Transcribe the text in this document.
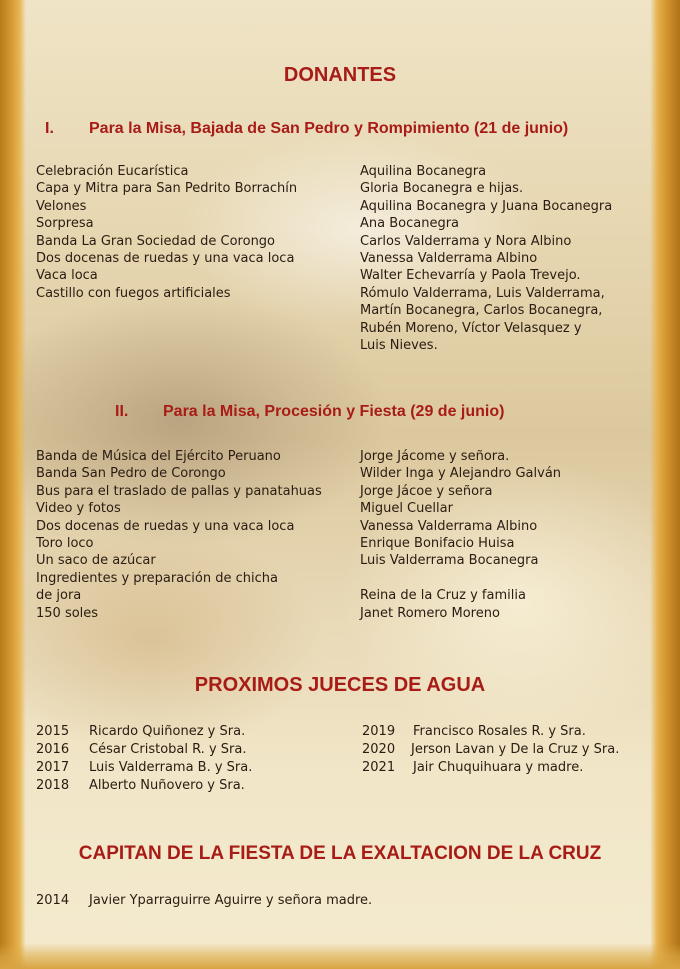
DONANTES
I. Para la Misa, Bajada de San Pedro y Rompimiento (21 de junio)
Celebración Eucarística
Capa y Mitra para San Pedrito Borrachín
Velones
Sorpresa
Banda La Gran Sociedad de Corongo
Dos docenas de ruedas y una vaca loca
Vaca loca
Castillo con fuegos artificiales
Aquilina Bocanegra
Gloria Bocanegra e hijas.
Aquilina Bocanegra y Juana Bocanegra
Ana Bocanegra
Carlos Valderrama y Nora Albino
Vanessa Valderrama Albino
Walter Echevarría y Paola Trevejo.
Rómulo Valderrama, Luis Valderrama,
Martín Bocanegra, Carlos Bocanegra,
Rubén Moreno, Víctor Velasquez y
Luis Nieves.
II. Para la Misa, Procesión y Fiesta (29 de junio)
Banda de Música del Ejército Peruano
Banda San Pedro de Corongo
Bus para el traslado de pallas y panatahuas
Video y fotos
Dos docenas de ruedas y una vaca loca
Toro loco
Un saco de azúcar
Ingredientes y preparación de chicha
de jora
150 soles
Jorge Jácome y señora.
Wilder Inga y Alejandro Galván
Jorge Jácoe y señora
Miguel Cuellar
Vanessa Valderrama Albino
Enrique Bonifacio Huisa
Luis Valderrama Bocanegra
Reina de la Cruz y familia
Janet Romero Moreno
PROXIMOS JUECES DE AGUA
2015 Ricardo Quiñonez y Sra.
2016 César Cristobal R. y Sra.
2017 Luis Valderrama B. y Sra.
2018 Alberto Nuñovero y Sra.
2019 Francisco Rosales R. y Sra.
2020 Jerson Lavan y De la Cruz y Sra.
2021 Jair Chuquihuara y madre.
CAPITAN DE LA FIESTA DE LA EXALTACION DE LA CRUZ
2014 Javier Yparraguirre Aguirre y señora madre.
